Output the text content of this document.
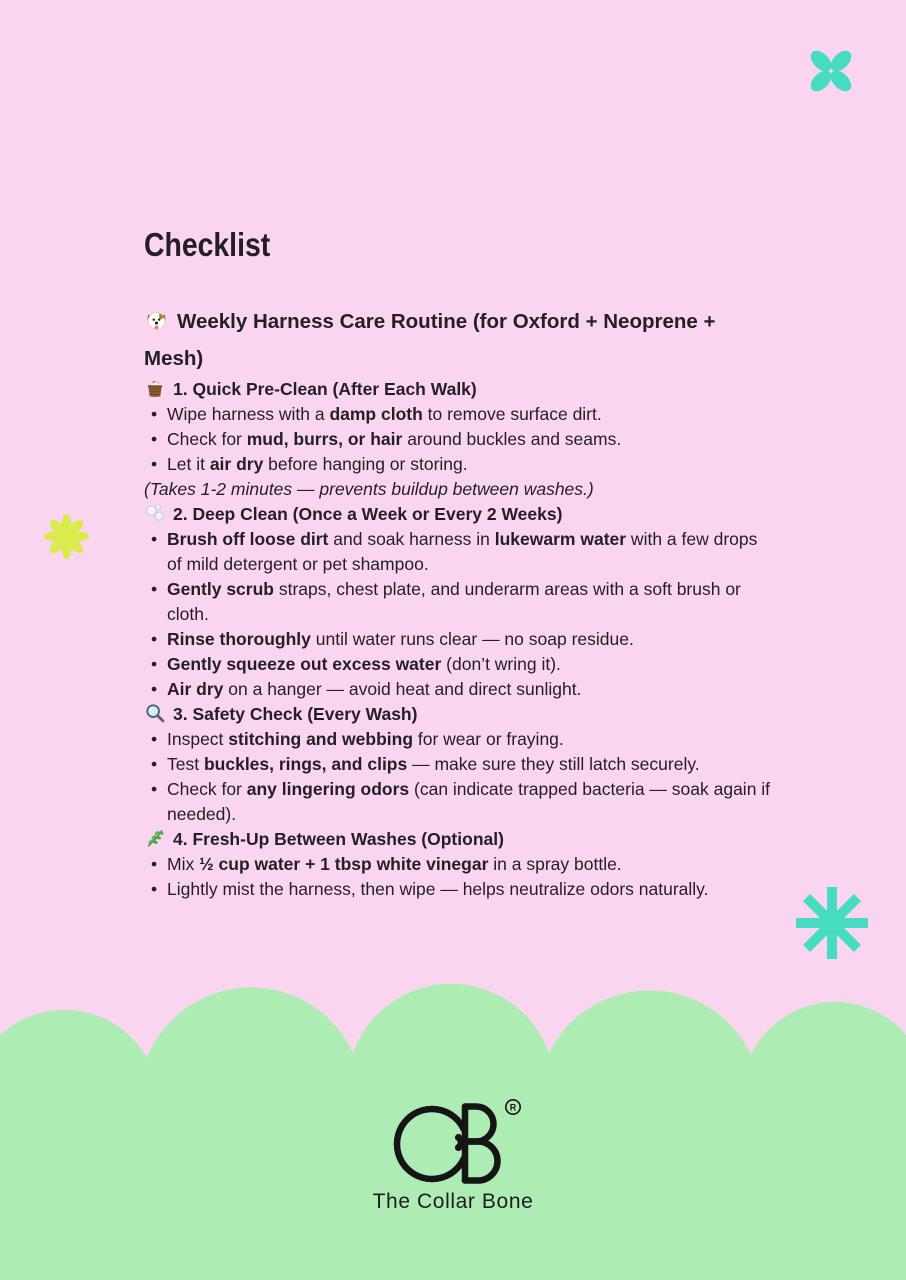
Checklist

Weekly Harness Care Routine (for Oxford + Neoprene + Mesh)

1. Quick Pre-Clean (After Each Walk)

• Wipe harness with a damp cloth to remove surface dirt.
• Check for mud, burrs, or hair around buckles and seams.
• Let it air dry before hanging or storing.

(Takes 1-2 minutes — prevents buildup between washes.)

2. Deep Clean (Once a Week or Every 2 Weeks)

• Brush off loose dirt and soak harness in lukewarm water with a few drops of mild detergent or pet shampoo.
• Gently scrub straps, chest plate, and underarm areas with a soft brush or cloth.
• Rinse thoroughly until water runs clear — no soap residue.
• Gently squeeze out excess water (don’t wring it).
• Air dry on a hanger — avoid heat and direct sunlight.

3. Safety Check (Every Wash)

• Inspect stitching and webbing for wear or fraying.
• Test buckles, rings, and clips — make sure they still latch securely.
• Check for any lingering odors (can indicate trapped bacteria — soak again if needed).

4. Fresh-Up Between Washes (Optional)

• Mix ½ cup water + 1 tbsp white vinegar in a spray bottle.
• Lightly mist the harness, then wipe — helps neutralize odors naturally.
R
The Collar Bone
